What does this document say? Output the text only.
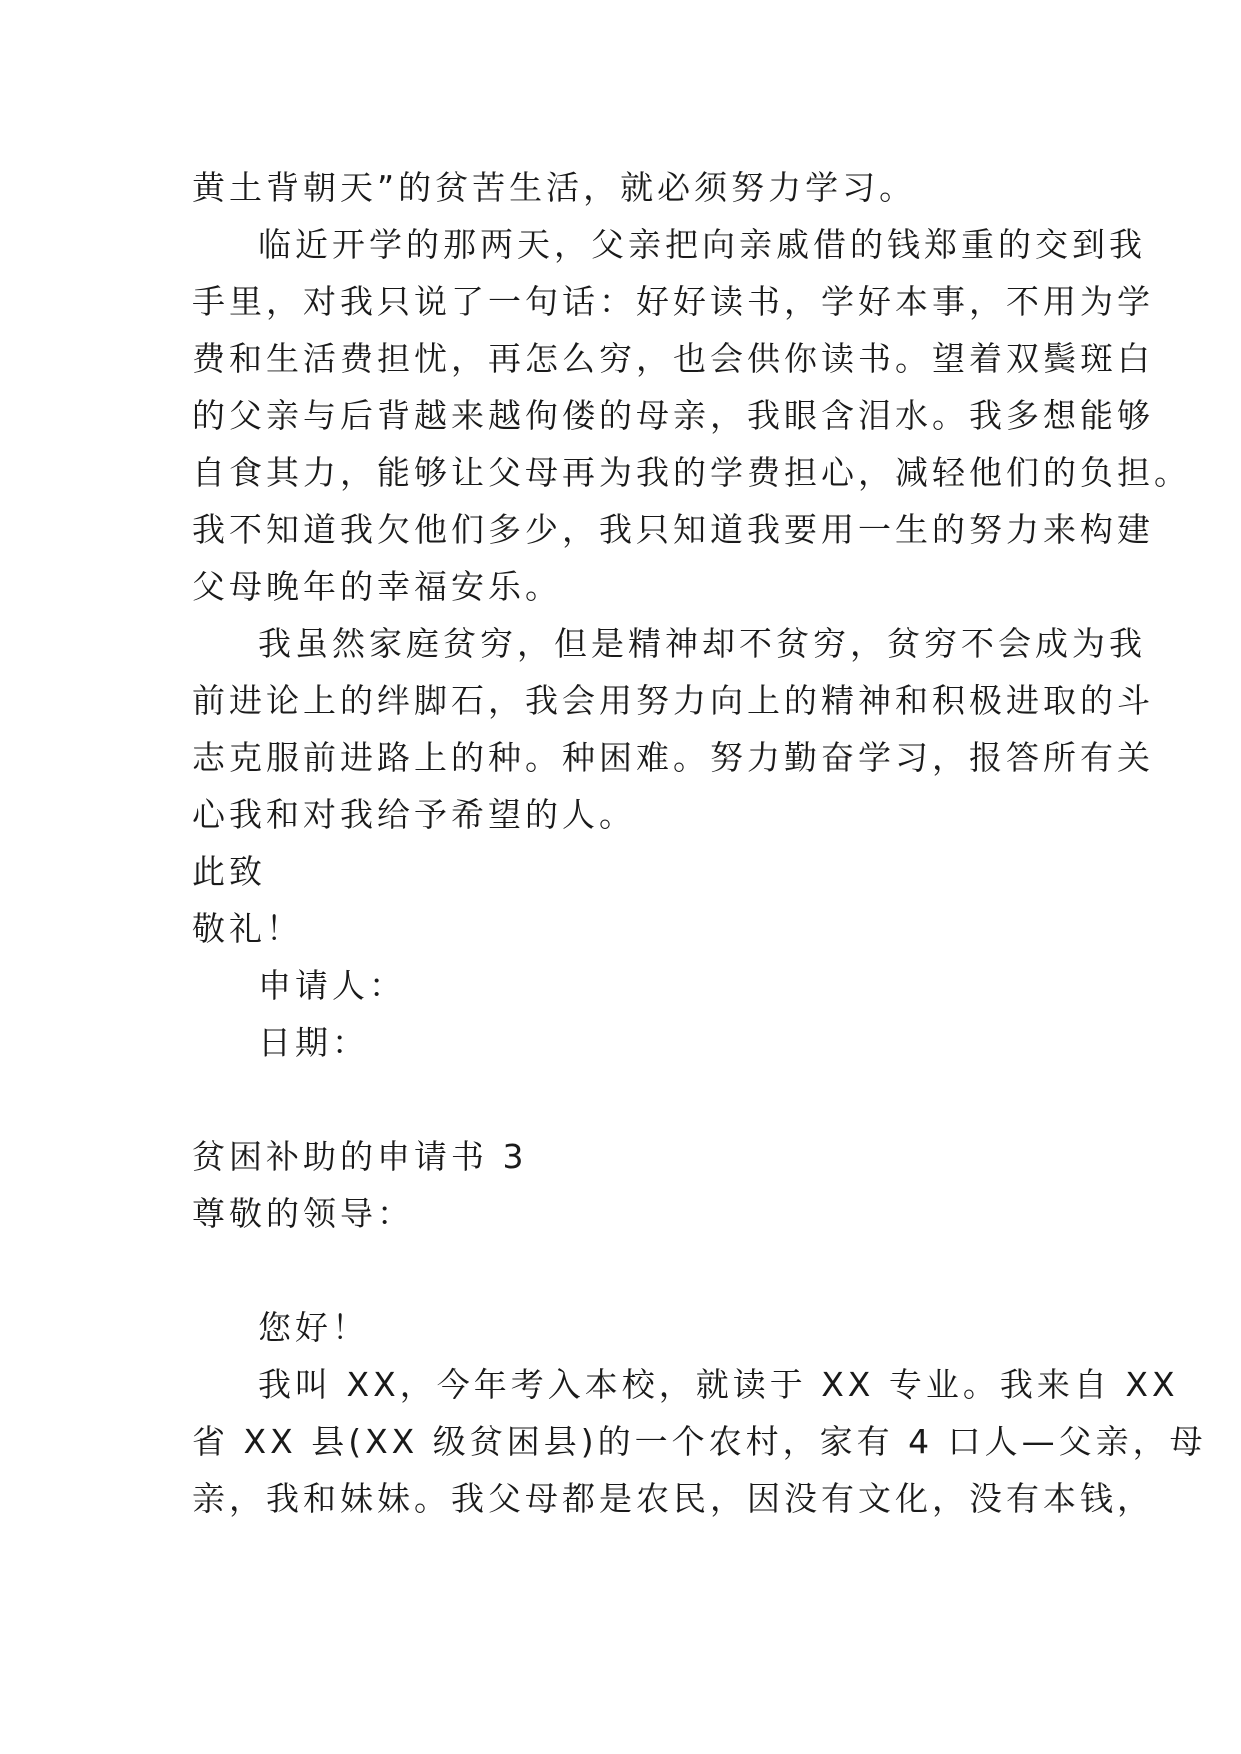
黄土背朝天”的贫苦生活，就必须努力学习。
临近开学的那两天，父亲把向亲戚借的钱郑重的交到我
手里，对我只说了一句话：好好读书，学好本事，不用为学
费和生活费担忧，再怎么穷，也会供你读书。望着双鬓斑白
的父亲与后背越来越佝偻的母亲，我眼含泪水。我多想能够
自食其力，能够让父母再为我的学费担心，减轻他们的负担。
我不知道我欠他们多少，我只知道我要用一生的努力来构建
父母晚年的幸福安乐。
我虽然家庭贫穷，但是精神却不贫穷，贫穷不会成为我
前进论上的绊脚石，我会用努力向上的精神和积极进取的斗
志克服前进路上的种。种困难。努力勤奋学习，报答所有关
心我和对我给予希望的人。
此致
敬礼！
申请人：
日期：
贫困补助的申请书 3
尊敬的领导：
您好！
我叫 XX，今年考入本校，就读于 XX 专业。我来自 XX
省 XX 县(XX 级贫困县)的一个农村，家有 4 口人—父亲，母
亲，我和妹妹。我父母都是农民，因没有文化，没有本钱，
